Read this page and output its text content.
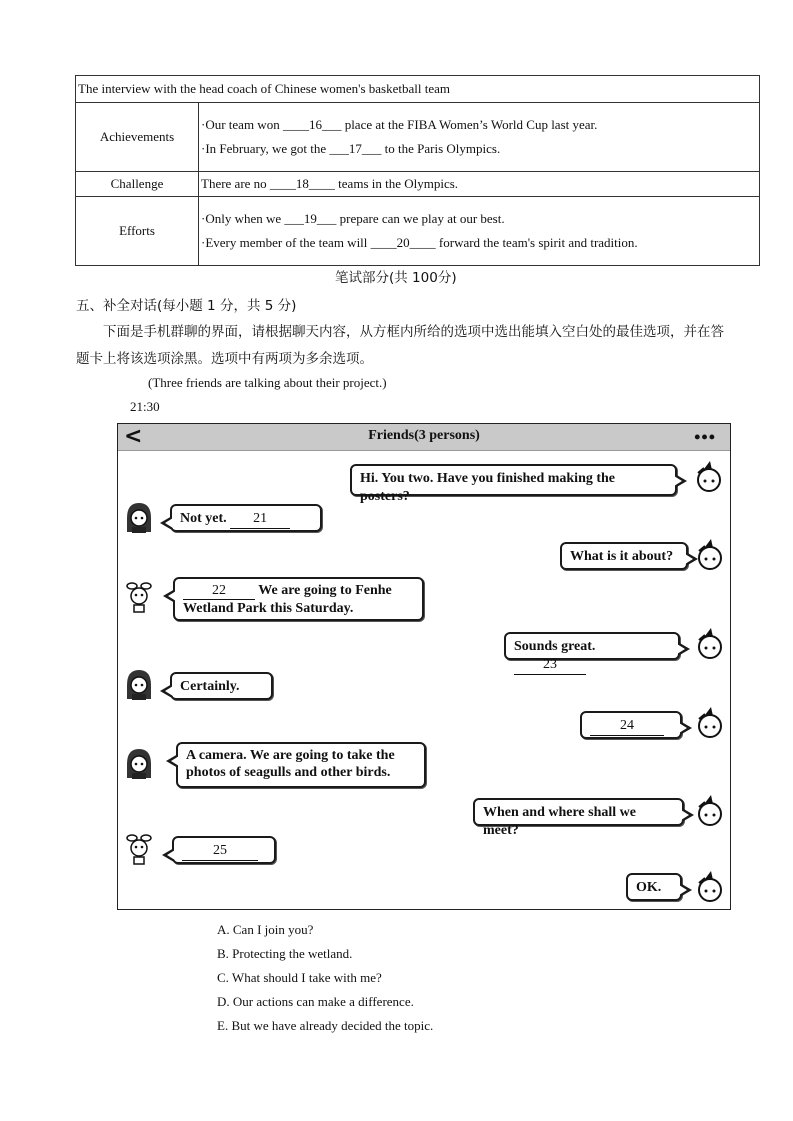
The interview with the head coach of Chinese women's basketball team	
Achievements	·Our team won ____16___ place at the FIBA Women’s World Cup last year.
·In February, we got the ___17___ to the Paris Olympics.

Challenge	There are no ____18____ teams in the Olympics.

Efforts	·Only when we ___19___ prepare can we play at our best.
·Every member of the team will ____20____ forward the team's spirit and tradition.
笔试部分(共 100分)
五、补全对话(每小题 1 分，共 5 分)
下面是手机群聊的界面，请根据聊天内容，从方框内所给的选项中选出能填入空白处的最佳选项，并在答题卡上将该选项涂黑。选项中有两项为多余选项。
(Three friends are talking about their project.)
21:30
<	Friends(3 persons)	•••
Hi. You two. Have you finished making the posters?
Not yet. 21
What is it about?
22 We are going to Fenhe
Wetland Park this Saturday.
Sounds great. 23
Certainly.
24
A camera. We are going to take the
photos of seagulls and other birds.
When and where shall we meet?
25
OK.
A. Can I join you?
B. Protecting the wetland.
C. What should I take with me?
D. Our actions can make a difference.
E. But we have already decided the topic.
